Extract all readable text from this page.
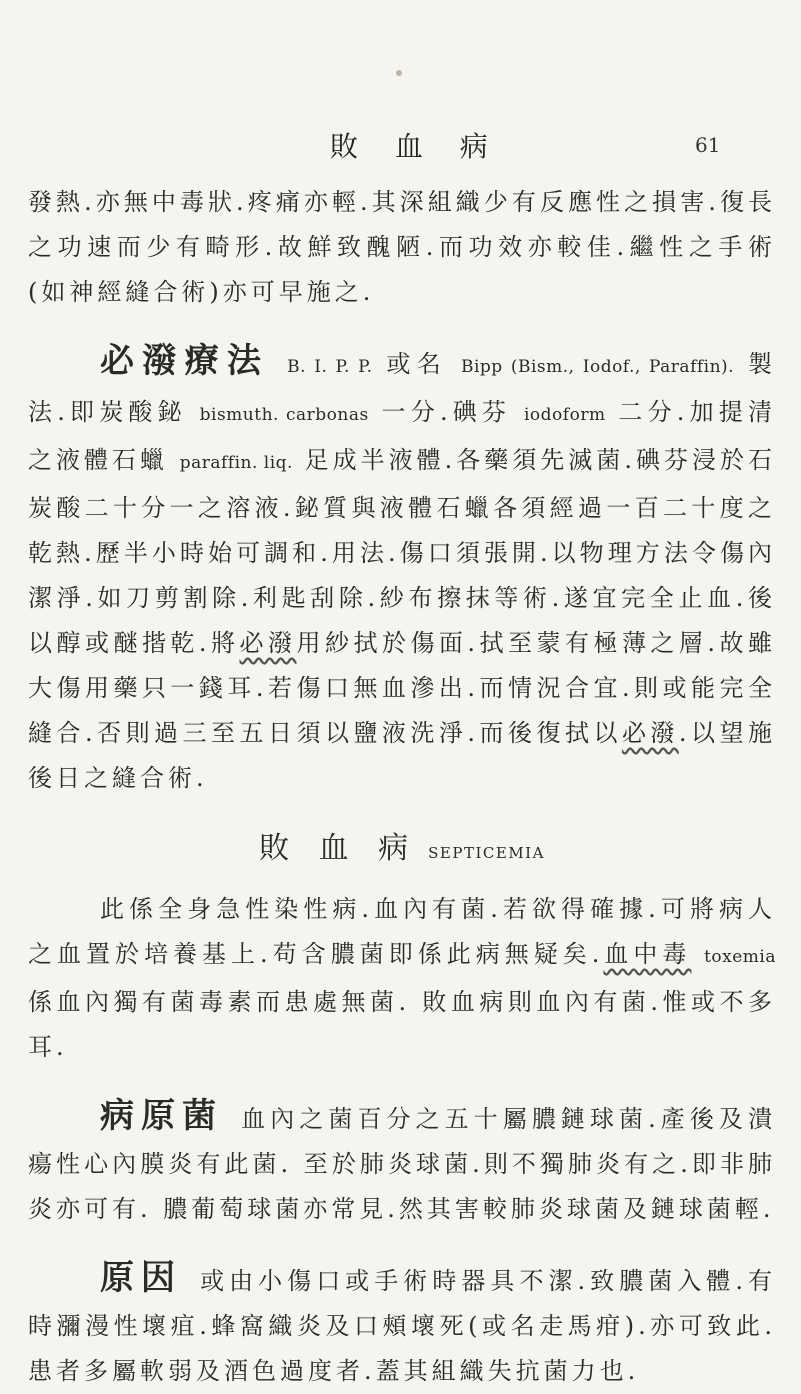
敗 血 病	61

發熱.亦無中毒狀.疼痛亦輕.其深組織少有反應性之損害.復長之功速而少有畸形.故鮮致醜陋.而功效亦較佳.繼性之手術(如神經縫合術)亦可早施之.

必潑療法 B. I. P. P. 或名 Bipp (Bism., Iodof., Paraffin). 製法.即炭酸鉍 bismuth. carbonas 一分.碘芬 iodoform 二分.加提清之液體石蠟 paraffin. liq. 足成半液體.各藥須先滅菌.碘芬浸於石炭酸二十分一之溶液.鉍質與液體石蠟各須經過一百二十度之乾熱.歷半小時始可調和.用法.傷口須張開.以物理方法令傷內潔淨.如刀剪割除.利匙刮除.紗布擦抹等術.遂宜完全止血.後以醇或醚揩乾.將必潑用紗拭於傷面.拭至蒙有極薄之層.故雖大傷用藥只一錢耳.若傷口無血滲出.而情況合宜.則或能完全縫合.否則過三至五日須以鹽液洗淨.而後復拭以必潑.以望施後日之縫合術.

敗 血 病 SEPTICEMIA

此係全身急性染性病.血內有菌.若欲得確據.可將病人之血置於培養基上.苟含膿菌即係此病無疑矣.血中毒 toxemia 係血內獨有菌毒素而患處無菌. 敗血病則血內有菌.惟或不多耳.

病原菌 血內之菌百分之五十屬膿鏈球菌.產後及潰瘍性心內膜炎有此菌. 至於肺炎球菌.則不獨肺炎有之.即非肺炎亦可有. 膿葡萄球菌亦常見.然其害較肺炎球菌及鏈球菌輕.

原因 或由小傷口或手術時器具不潔.致膿菌入體.有時瀰漫性壞疽.蜂窩織炎及口頰壞死(或名走馬疳).亦可致此.患者多屬軟弱及酒色過度者.蓋其組織失抗菌力也.
